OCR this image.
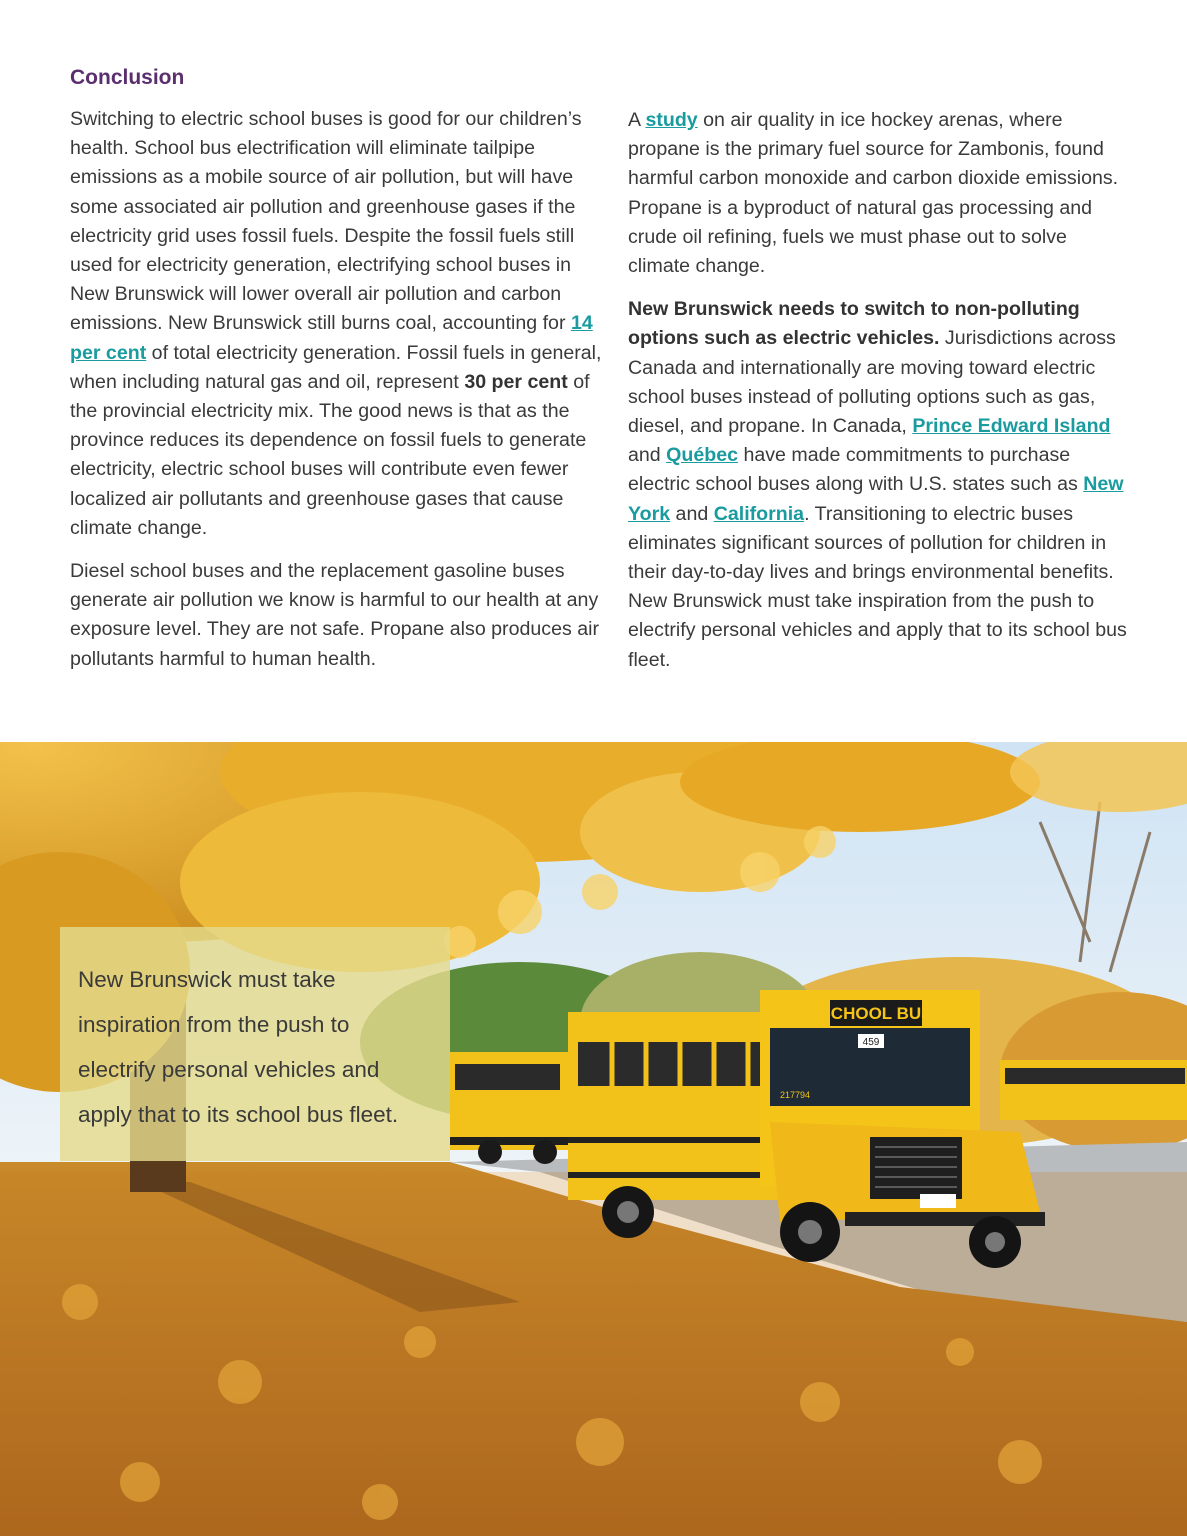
Conclusion

Switching to electric school buses is good for our children’s health. School bus electrification will eliminate tailpipe emissions as a mobile source of air pollution, but will have some associated air pollution and greenhouse gases if the electricity grid uses fossil fuels. Despite the fossil fuels still used for electricity generation, electrifying school buses in New Brunswick will lower overall air pollution and carbon emissions. New Brunswick still burns coal, accounting for 14 per cent of total electricity generation. Fossil fuels in general, when including natural gas and oil, represent 30 per cent of the provincial electricity mix. The good news is that as the province reduces its dependence on fossil fuels to generate electricity, electric school buses will contribute even fewer localized air pollutants and greenhouse gases that cause climate change.

Diesel school buses and the replacement gasoline buses generate air pollution we know is harmful to our health at any exposure level. They are not safe. Propane also produces air pollutants harmful to human health.

A study on air quality in ice hockey arenas, where propane is the primary fuel source for Zambonis, found harmful carbon monoxide and carbon dioxide emissions. Propane is a byproduct of natural gas processing and crude oil refining, fuels we must phase out to solve climate change.

New Brunswick needs to switch to non-polluting options such as electric vehicles. Jurisdictions across Canada and internationally are moving toward electric school buses instead of polluting options such as gas, diesel, and propane. In Canada, Prince Edward Island and Québec have made commitments to purchase electric school buses along with U.S. states such as New York and California. Transitioning to electric buses eliminates significant sources of pollution for children in their day-to-day lives and brings environmental benefits. New Brunswick must take inspiration from the push to electrify personal vehicles and apply that to its school bus fleet.

SCHOOL BUS
459
217794
New Brunswick must take inspiration from the push to electrify personal vehicles and apply that to its school bus fleet.
